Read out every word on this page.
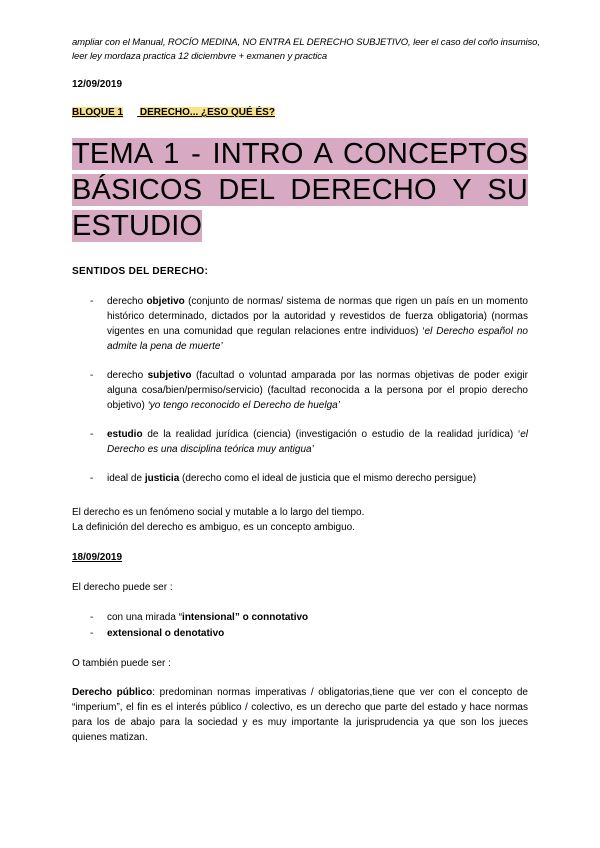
ampliar con el Manual, ROCÍO MEDINA, NO ENTRA EL DERECHO SUBJETIVO, leer el caso del coño insumiso, leer ley mordaza practica 12 diciembvre + exmanen y practica
12/09/2019
BLOQUE 1 DERECHO... ¿ESO QUÉ ÉS?
TEMA 1 - INTRO A CONCEPTOS BÁSICOS DEL DERECHO Y SU ESTUDIO
SENTIDOS DEL DERECHO:
- derecho objetivo (conjunto de normas/ sistema de normas que rigen un país en un momento histórico determinado, dictados por la autoridad y revestidos de fuerza obligatoria) (normas vigentes en una comunidad que regulan relaciones entre individuos) ‘el Derecho español no admite la pena de muerte’
- derecho subjetivo (facultad o voluntad amparada por las normas objetivas de poder exigir alguna cosa/bien/permiso/servicio) (facultad reconocida a la persona por el propio derecho objetivo) ‘yo tengo reconocido el Derecho de huelga’
- estudio de la realidad jurídica (ciencia) (investigación o estudio de la realidad jurídica) ‘el Derecho es una disciplina teórica muy antigua’
- ideal de justicia (derecho como el ideal de justicia que el mismo derecho persigue)
El derecho es un fenómeno social y mutable a lo largo del tiempo.
La definición del derecho es ambiguo, es un concepto ambiguo.
18/09/2019
El derecho puede ser :
- con una mirada “intensional” o connotativo
- extensional o denotativo
O también puede ser :
Derecho público: predominan normas imperativas / obligatorias,tiene que ver con el concepto de “imperium”, el fin es el interés público / colectivo, es un derecho que parte del estado y hace normas para los de abajo para la sociedad y es muy importante la jurisprudencia ya que son los jueces quienes matizan.
